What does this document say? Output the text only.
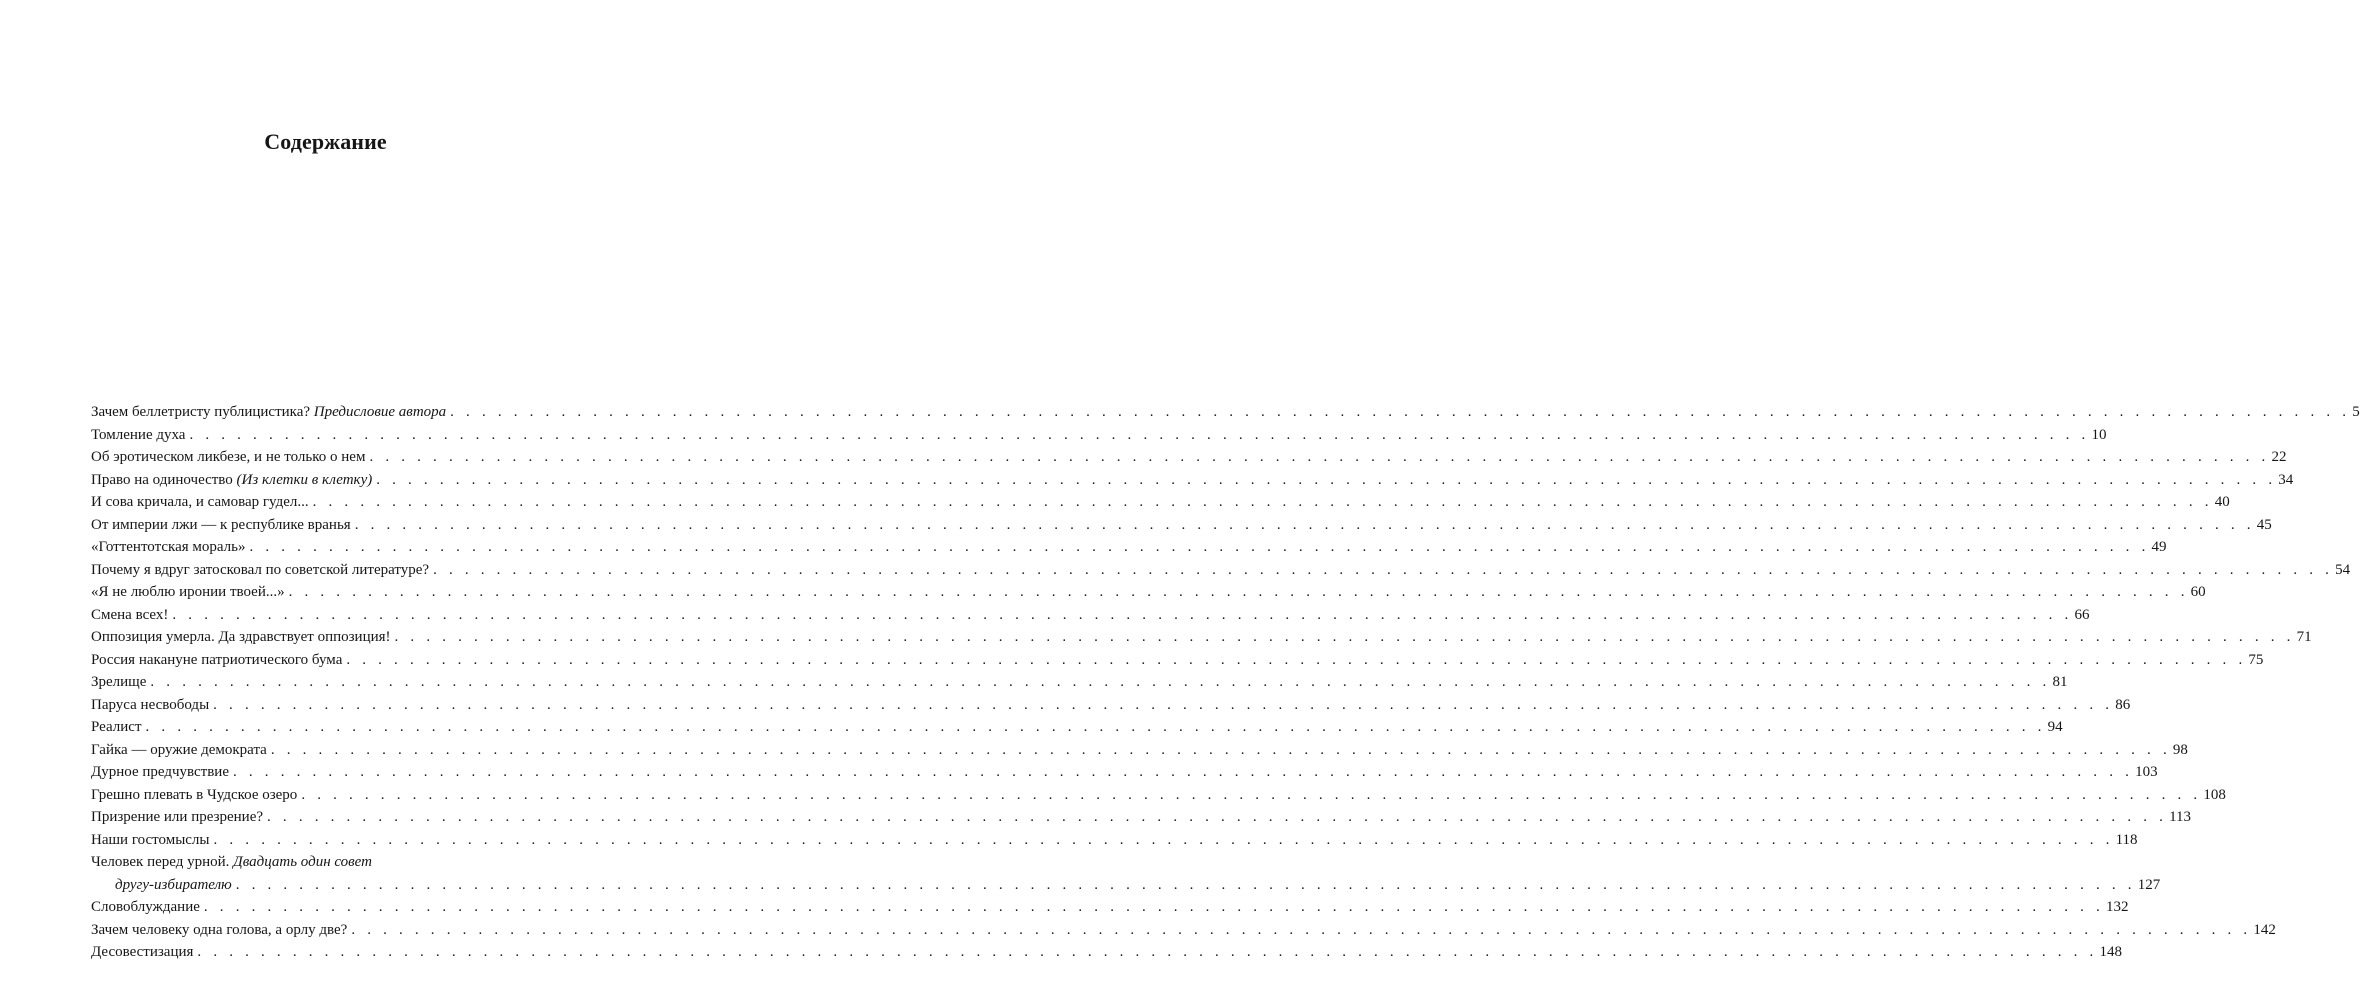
Содержание
Зачем беллетристу публицистика? Предисловие автора . . . . . . . . . . . . . . . . . . . . . . . . . . . . . . . . . . . . . . . . . . . . . . . . . . . . . . . . . . . . . . . . . . . . . . . . . . . . . . . . . . . . . . . . . . . . . . . . . . . . . . . . . . . . . . . . . . . . . . . . 5
Томление духа . . . . . . . . . . . . . . . . . . . . . . . . . . . . . . . . . . . . . . . . . . . . . . . . . . . . . . . . . . . . . . . . . . . . . . . . . . . . . . . . . . . . . . . . . . . . . . . . . . . . . . . . . . . . . . . . . . . . . . . . 10
Об эротическом ликбезе, и не только о нем . . . . . . . . . . . . . . . . . . . . . . . . . . . . . . . . . . . . . . . . . . . . . . . . . . . . . . . . . . . . . . . . . . . . . . . . . . . . . . . . . . . . . . . . . . . . . . . . . . . . . . . . . . . . . . . . . . . . . . . . 22
Право на одиночество (Из клетки в клетку) . . . . . . . . . . . . . . . . . . . . . . . . . . . . . . . . . . . . . . . . . . . . . . . . . . . . . . . . . . . . . . . . . . . . . . . . . . . . . . . . . . . . . . . . . . . . . . . . . . . . . . . . . . . . . . . . . . . . . . . . 34
И сова кричала, и самовар гудел... . . . . . . . . . . . . . . . . . . . . . . . . . . . . . . . . . . . . . . . . . . . . . . . . . . . . . . . . . . . . . . . . . . . . . . . . . . . . . . . . . . . . . . . . . . . . . . . . . . . . . . . . . . . . . . . . . . . . . . . . 40
От империи лжи — к республике вранья . . . . . . . . . . . . . . . . . . . . . . . . . . . . . . . . . . . . . . . . . . . . . . . . . . . . . . . . . . . . . . . . . . . . . . . . . . . . . . . . . . . . . . . . . . . . . . . . . . . . . . . . . . . . . . . . . . . . . . . . 45
«Готтентотская мораль» . . . . . . . . . . . . . . . . . . . . . . . . . . . . . . . . . . . . . . . . . . . . . . . . . . . . . . . . . . . . . . . . . . . . . . . . . . . . . . . . . . . . . . . . . . . . . . . . . . . . . . . . . . . . . . . . . . . . . . . . 49
Почему я вдруг затосковал по советской литературе? . . . . . . . . . . . . . . . . . . . . . . . . . . . . . . . . . . . . . . . . . . . . . . . . . . . . . . . . . . . . . . . . . . . . . . . . . . . . . . . . . . . . . . . . . . . . . . . . . . . . . . . . . . . . . . . . . . . . . . . . 54
«Я не люблю иронии твоей...» . . . . . . . . . . . . . . . . . . . . . . . . . . . . . . . . . . . . . . . . . . . . . . . . . . . . . . . . . . . . . . . . . . . . . . . . . . . . . . . . . . . . . . . . . . . . . . . . . . . . . . . . . . . . . . . . . . . . . . . . 60
Смена всех! . . . . . . . . . . . . . . . . . . . . . . . . . . . . . . . . . . . . . . . . . . . . . . . . . . . . . . . . . . . . . . . . . . . . . . . . . . . . . . . . . . . . . . . . . . . . . . . . . . . . . . . . . . . . . . . . . . . . . . . . 66
Оппозиция умерла. Да здравствует оппозиция! . . . . . . . . . . . . . . . . . . . . . . . . . . . . . . . . . . . . . . . . . . . . . . . . . . . . . . . . . . . . . . . . . . . . . . . . . . . . . . . . . . . . . . . . . . . . . . . . . . . . . . . . . . . . . . . . . . . . . . . . 71
Россия накануне патриотического бума . . . . . . . . . . . . . . . . . . . . . . . . . . . . . . . . . . . . . . . . . . . . . . . . . . . . . . . . . . . . . . . . . . . . . . . . . . . . . . . . . . . . . . . . . . . . . . . . . . . . . . . . . . . . . . . . . . . . . . . . 75
Зрелище . . . . . . . . . . . . . . . . . . . . . . . . . . . . . . . . . . . . . . . . . . . . . . . . . . . . . . . . . . . . . . . . . . . . . . . . . . . . . . . . . . . . . . . . . . . . . . . . . . . . . . . . . . . . . . . . . . . . . . . . 81
Паруса несвободы . . . . . . . . . . . . . . . . . . . . . . . . . . . . . . . . . . . . . . . . . . . . . . . . . . . . . . . . . . . . . . . . . . . . . . . . . . . . . . . . . . . . . . . . . . . . . . . . . . . . . . . . . . . . . . . . . . . . . . . . 86
Реалист . . . . . . . . . . . . . . . . . . . . . . . . . . . . . . . . . . . . . . . . . . . . . . . . . . . . . . . . . . . . . . . . . . . . . . . . . . . . . . . . . . . . . . . . . . . . . . . . . . . . . . . . . . . . . . . . . . . . . . . . 94
Гайка — оружие демократа . . . . . . . . . . . . . . . . . . . . . . . . . . . . . . . . . . . . . . . . . . . . . . . . . . . . . . . . . . . . . . . . . . . . . . . . . . . . . . . . . . . . . . . . . . . . . . . . . . . . . . . . . . . . . . . . . . . . . . . . 98
Дурное предчувствие . . . . . . . . . . . . . . . . . . . . . . . . . . . . . . . . . . . . . . . . . . . . . . . . . . . . . . . . . . . . . . . . . . . . . . . . . . . . . . . . . . . . . . . . . . . . . . . . . . . . . . . . . . . . . . . . . . . . . . . . 103
Грешно плевать в Чудское озеро . . . . . . . . . . . . . . . . . . . . . . . . . . . . . . . . . . . . . . . . . . . . . . . . . . . . . . . . . . . . . . . . . . . . . . . . . . . . . . . . . . . . . . . . . . . . . . . . . . . . . . . . . . . . . . . . . . . . . . . . 108
Призрение или презрение? . . . . . . . . . . . . . . . . . . . . . . . . . . . . . . . . . . . . . . . . . . . . . . . . . . . . . . . . . . . . . . . . . . . . . . . . . . . . . . . . . . . . . . . . . . . . . . . . . . . . . . . . . . . . . . . . . . . . . . . . 113
Наши гостомыслы . . . . . . . . . . . . . . . . . . . . . . . . . . . . . . . . . . . . . . . . . . . . . . . . . . . . . . . . . . . . . . . . . . . . . . . . . . . . . . . . . . . . . . . . . . . . . . . . . . . . . . . . . . . . . . . . . . . . . . . . 118
Человек перед урной. Двадцать один совет
другу-избирателю . . . . . . . . . . . . . . . . . . . . . . . . . . . . . . . . . . . . . . . . . . . . . . . . . . . . . . . . . . . . . . . . . . . . . . . . . . . . . . . . . . . . . . . . . . . . . . . . . . . . . . . . . . . . . . . . . . . . . . . . 127
Словоблуждание . . . . . . . . . . . . . . . . . . . . . . . . . . . . . . . . . . . . . . . . . . . . . . . . . . . . . . . . . . . . . . . . . . . . . . . . . . . . . . . . . . . . . . . . . . . . . . . . . . . . . . . . . . . . . . . . . . . . . . . . 132
Зачем человеку одна голова, а орлу две? . . . . . . . . . . . . . . . . . . . . . . . . . . . . . . . . . . . . . . . . . . . . . . . . . . . . . . . . . . . . . . . . . . . . . . . . . . . . . . . . . . . . . . . . . . . . . . . . . . . . . . . . . . . . . . . . . . . . . . . . 142
Десовестизация . . . . . . . . . . . . . . . . . . . . . . . . . . . . . . . . . . . . . . . . . . . . . . . . . . . . . . . . . . . . . . . . . . . . . . . . . . . . . . . . . . . . . . . . . . . . . . . . . . . . . . . . . . . . . . . . . . . . . . . . 148
